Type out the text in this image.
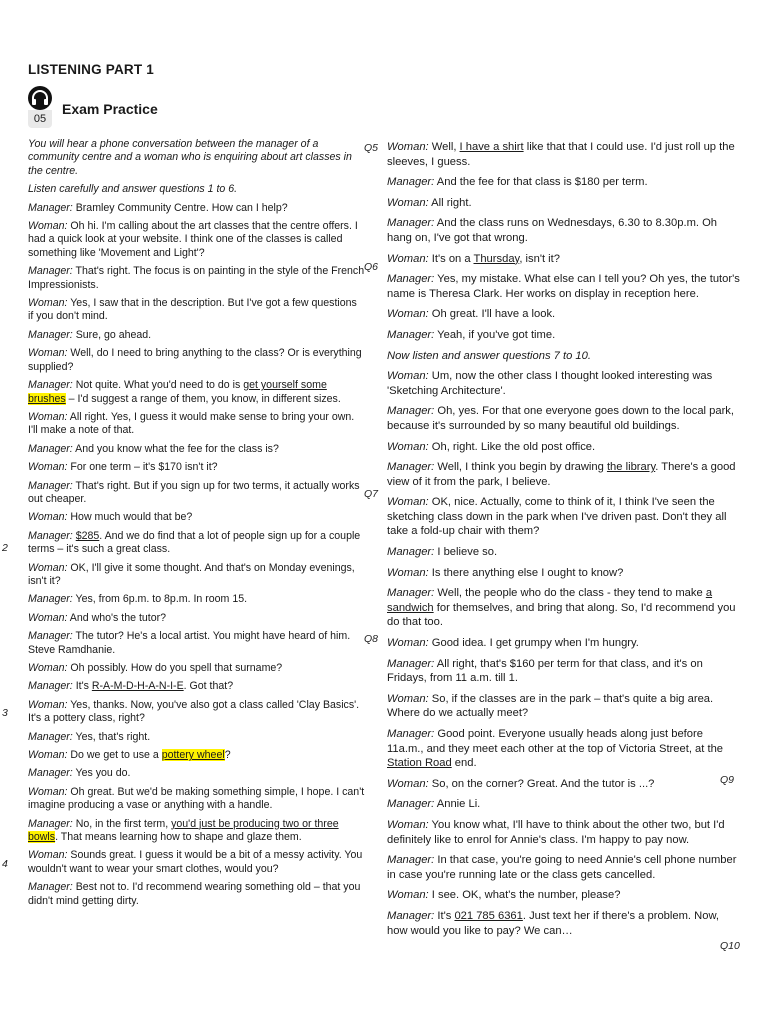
LISTENING PART 1
05
Exam Practice

You will hear a phone conversation between the manager of a community centre and a woman who is enquiring about art classes in the centre.

Listen carefully and answer questions 1 to 6.

Manager: Bramley Community Centre. How can I help?

Woman: Oh hi. I'm calling about the art classes that the centre offers. I had a quick look at your website. I think one of the classes is called something like 'Movement and Light'?

Manager: That's right. The focus is on painting in the style of the French Impressionists.

Woman: Yes, I saw that in the description. But I've got a few questions if you don't mind.

Manager: Sure, go ahead.

Woman: Well, do I need to bring anything to the class? Or is everything supplied?

Manager: Not quite. What you'd need to do is get yourself some brushes – I'd suggest a range of them, you know, in different sizes.

Woman: All right. Yes, I guess it would make sense to bring your own. I'll make a note of that.

Manager: And you know what the fee for the class is?

Woman: For one term – it's $170 isn't it?

Manager: That's right. But if you sign up for two terms, it actually works out cheaper.

Woman: How much would that be?

Manager: $285. And we do find that a lot of people sign up for a couple terms – it's such a great class.

Woman: OK, I'll give it some thought. And that's on Monday evenings, isn't it?

Manager: Yes, from 6p.m. to 8p.m. In room 15.

Woman: And who's the tutor?

Manager: The tutor? He's a local artist. You might have heard of him. Steve Ramdhanie.

Woman: Oh possibly. How do you spell that surname?

Manager: It's R-A-M-D-H-A-N-I-E. Got that?

Woman: Yes, thanks. Now, you've also got a class called 'Clay Basics'. It's a pottery class, right?

Manager: Yes, that's right.

Woman: Do we get to use a pottery wheel?

Manager: Yes you do.

Woman: Oh great. But we'd be making something simple, I hope. I can't imagine producing a vase or anything with a handle.

Manager: No, in the first term, you'd just be producing two or three bowls. That means learning how to shape and glaze them.

Woman: Sounds great. I guess it would be a bit of a messy activity. You wouldn't want to wear your smart clothes, would you?

Manager: Best not to. I'd recommend wearing something old – that you didn't mind getting dirty.

Woman: Well, I have a shirt like that that I could use. I'd just roll up the sleeves, I guess.

Manager: And the fee for that class is $180 per term.

Woman: All right.

Manager: And the class runs on Wednesdays, 6.30 to 8.30p.m. Oh hang on, I've got that wrong.

Woman: It's on a Thursday, isn't it?

Manager: Yes, my mistake. What else can I tell you? Oh yes, the tutor's name is Theresa Clark. Her works on display in reception here.

Woman: Oh great. I'll have a look.

Manager: Yeah, if you've got time.

Now listen and answer questions 7 to 10.

Woman: Um, now the other class I thought looked interesting was 'Sketching Architecture'.

Manager: Oh, yes. For that one everyone goes down to the local park, because it's surrounded by so many beautiful old buildings.

Woman: Oh, right. Like the old post office.

Manager: Well, I think you begin by drawing the library. There's a good view of it from the park, I believe.

Woman: OK, nice. Actually, come to think of it, I think I've seen the sketching class down in the park when I've driven past. Don't they all take a fold-up chair with them?

Manager: I believe so.

Woman: Is there anything else I ought to know?

Manager: Well, the people who do the class - they tend to make a sandwich for themselves, and bring that along. So, I'd recommend you do that too.

Woman: Good idea. I get grumpy when I'm hungry.

Manager: All right, that's $160 per term for that class, and it's on Fridays, from 11 a.m. till 1.

Woman: So, if the classes are in the park – that's quite a big area. Where do we actually meet?

Manager: Good point. Everyone usually heads along just before 11a.m., and they meet each other at the top of Victoria Street, at the Station Road end.

Woman: So, on the corner? Great. And the tutor is ...?

Manager: Annie Li.

Woman: You know what, I'll have to think about the other two, but I'd definitely like to enrol for Annie's class. I'm happy to pay now.

Manager: In that case, you're going to need Annie's cell phone number in case you're running late or the class gets cancelled.

Woman: I see. OK, what's the number, please?

Manager: It's 021 785 6361. Just text her if there's a problem. Now, how would you like to pay? We can…

2
3
4
Q5
Q6
Q7
Q8
Q9
Q10
